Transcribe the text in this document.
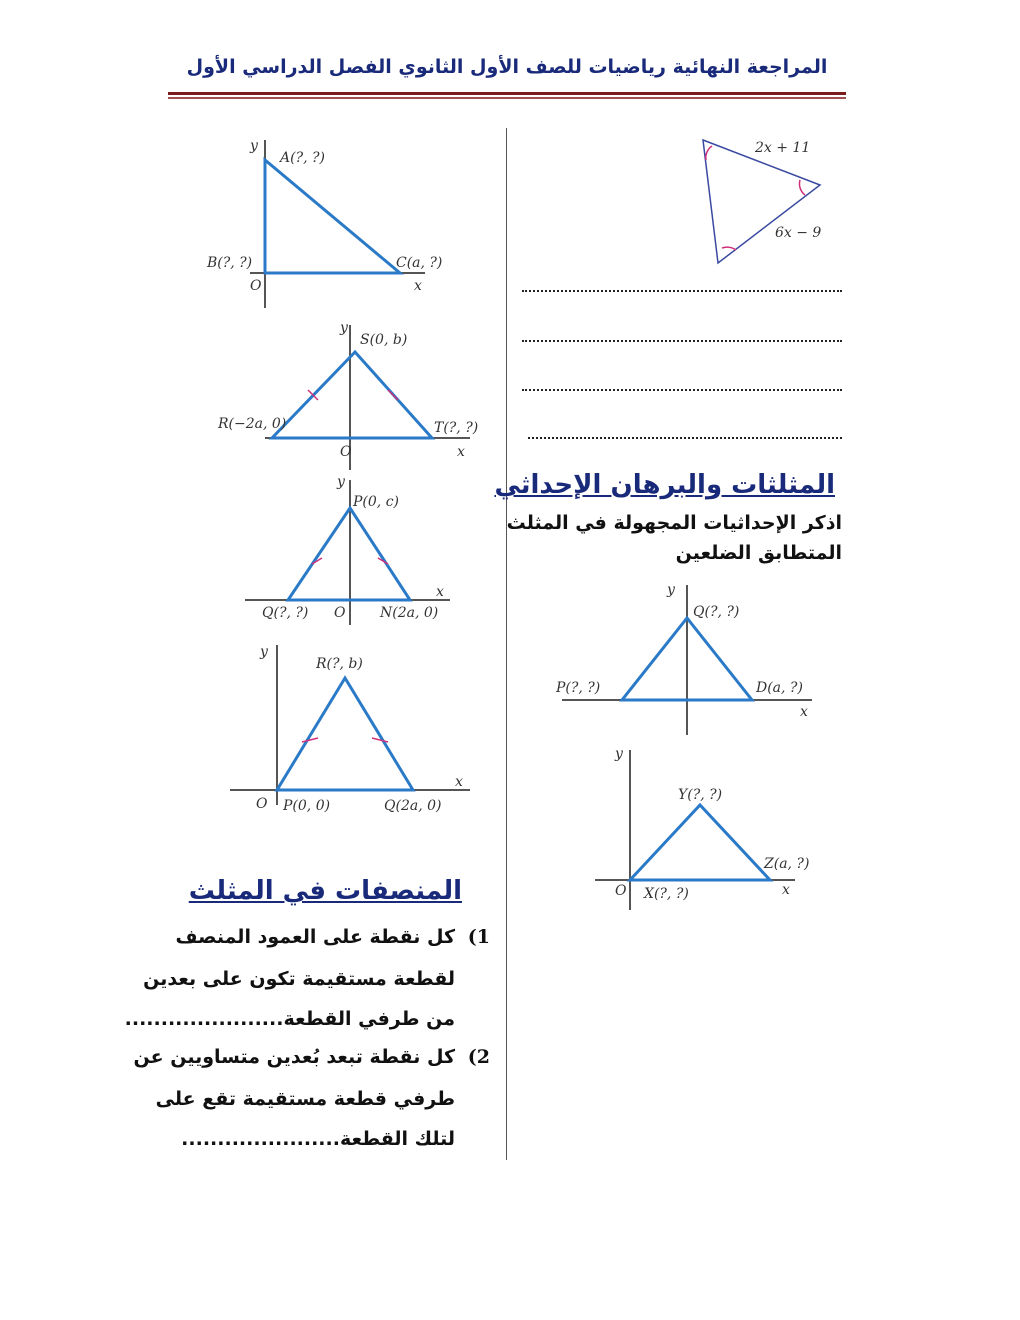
المراجعة النهائية رياضيات للصف الأول الثانوي الفصل الدراسي الأول
المثلثات والبرهان الإحداثي
اذكر الإحداثيات المجهولة في المثلث
المتطابق الضلعين
المنصفات في المثلث
1)
كل نقطة على العمود المنصف
لقطعة مستقيمة تكون على بعدين
من طرفي القطعة......................
2)
كل نقطة تبعد بُعدين متساويين عن
طرفي قطعة مستقيمة تقع على
لتلك القطعة......................
y
A(?, ?)
B(?, ?)	C(a, ?)
O	x
y
S(0, b)
R(−2a, 0)	T(?, ?)
O	x
y
P(0, c)
Q(?, ?) O N(2a, 0)
x
y
R(?, b)
O P(0, 0)	Q(2a, 0)
x
2x + 11
6x − 9
y
Q(?, ?)
P(?, ?)	D(a, ?)
x
y
Y(?, ?)
Z(a, ?)
O X(?, ?)	x
